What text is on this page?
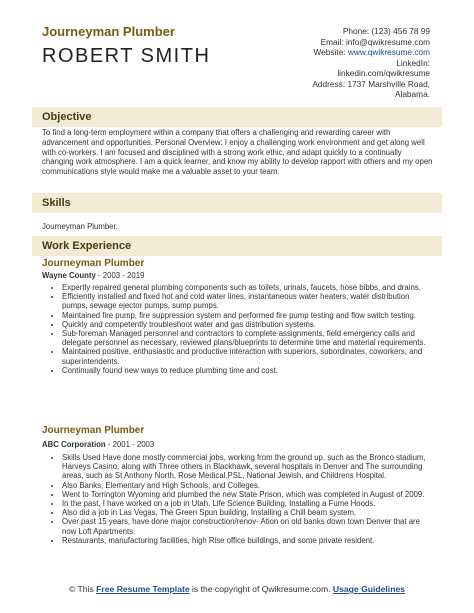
Journeyman Plumber
ROBERT SMITH
Phone: (123) 456 78 99
Email: info@qwikresume.com
Website: www.qwikresume.com
LinkedIn:
linkedin.com/qwikresume
Address: 1737 Marshville Road,
Alabama.
Objective
To find a long-term employment within a company that offers a challenging and rewarding career with advancement and opportunities. Personal Overview: I enjoy a challenging work environment and get along well with co-workers. I am focused and disciplined with a strong work ethic, and adapt quickly to a continually changing work atmosphere. I am a quick learner, and know my ability to develop rapport with others and my open communications style would make me a valuable asset to your team.
Skills
Journeyman Plumber.
Work Experience
Journeyman Plumber
Wayne County - 2003 - 2019
• Expertly repaired general plumbing components such as toilets, urinals, faucets, hose bibbs, and drains.
• Efficiently installed and fixed hot and cold water lines, instantaneous water heaters, water distribution pumps, sewage ejector pumps, sump pumps.
• Maintained fire pump, fire suppression system and performed fire pump testing and flow switch testing.
• Quickly and competently troubleshoot water and gas distribution systems.
• Sub-foreman Managed personnel and contractors to complete assignments, field emergency calls and delegate personnel as necessary, reviewed plans/blueprints to determine time and material requirements.
• Maintained positive, enthusiastic and productive interaction with superiors, subordinates, coworkers, and superintendents.
• Continually found new ways to reduce plumbing time and cost.
Journeyman Plumber
ABC Corporation - 2001 - 2003
• Skills Used Have done mostly commercial jobs, working from the ground up, such as the Bronco stadium, Harveys Casino, along with Three others in Blackhawk, several hospitals in Denver and The surrounding areas, such as St Anthony North, Rose Medical,PSL, National Jewish, and Childrens Hospital.
• Also Banks, Elementary and High Schools, and Colleges.
• Went to Torrington Wyoming and plumbed the new State Prison, which was completed in August of 2009.
• In the past, I have worked on a job in Utah, Life Science Building, Installing a Fume Hoods.
• Also did a job in Las Vegas, The Green Spun building, Installing a Chill beam system.
• Over past 15 years, have done major construction/renov- Ation on old banks down town Denver that are now Loft Apartments.
• Restaurants, manufacturing facilities, high Rise office buildings, and some private resident.
© This Free Resume Template is the copyright of Qwikresume.com. Usage Guidelines
